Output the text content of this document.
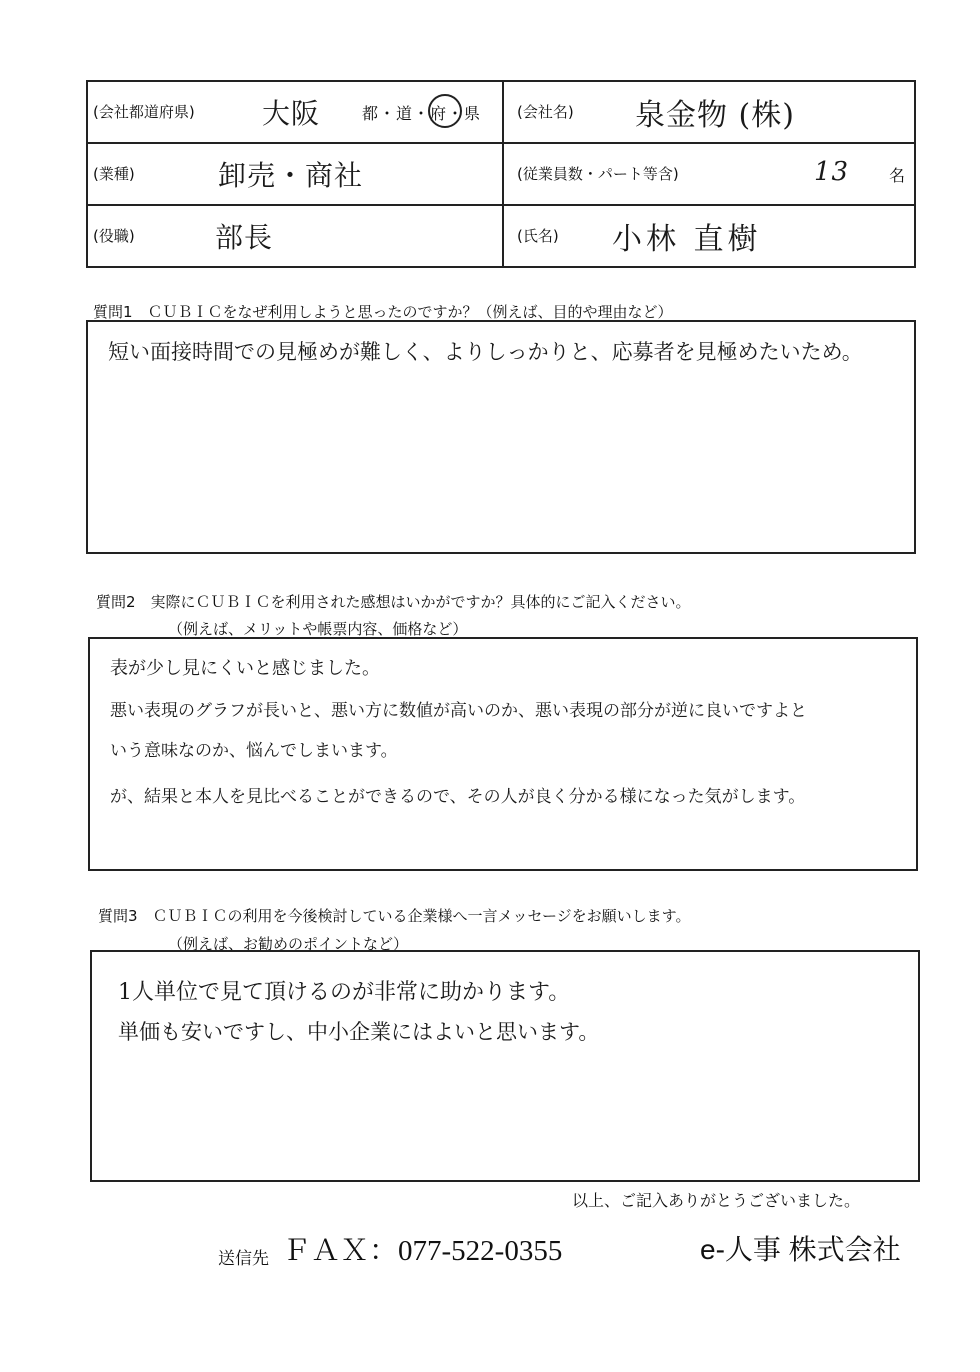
(会社都道府県) 大阪	都・道・府・県 (会社名) 泉金物 (株)
(業種)	卸売・商社	(従業員数・パート等含)	13 名
(役職)	部長	(氏名) 小林 直樹
質問1　ＣＵＢＩＣをなぜ利用しようと思ったのですか？（例えば、目的や理由など）
短い面接時間での見極めが難しく、よりしっかりと、応募者を見極めたいため。
質問2　実際にＣＵＢＩＣを利用された感想はいかがですか？具体的にご記入ください。
（例えば、メリットや帳票内容、価格など）
表が少し見にくいと感じました。
悪い表現のグラフが長いと、悪い方に数値が高いのか、悪い表現の部分が逆に良いですよと
いう意味なのか、悩んでしまいます。
が、結果と本人を見比べることができるので、その人が良く分かる様になった気がします。
質問3　ＣＵＢＩＣの利用を今後検討している企業様へ一言メッセージをお願いします。
（例えば、お勧めのポイントなど）
1人単位で見て頂けるのが非常に助かります。
単価も安いですし、中小企業にはよいと思います。
以上、ご記入ありがとうございました。
送信先 ＦＡＸ：077-522-0355	e-人事 株式会社
